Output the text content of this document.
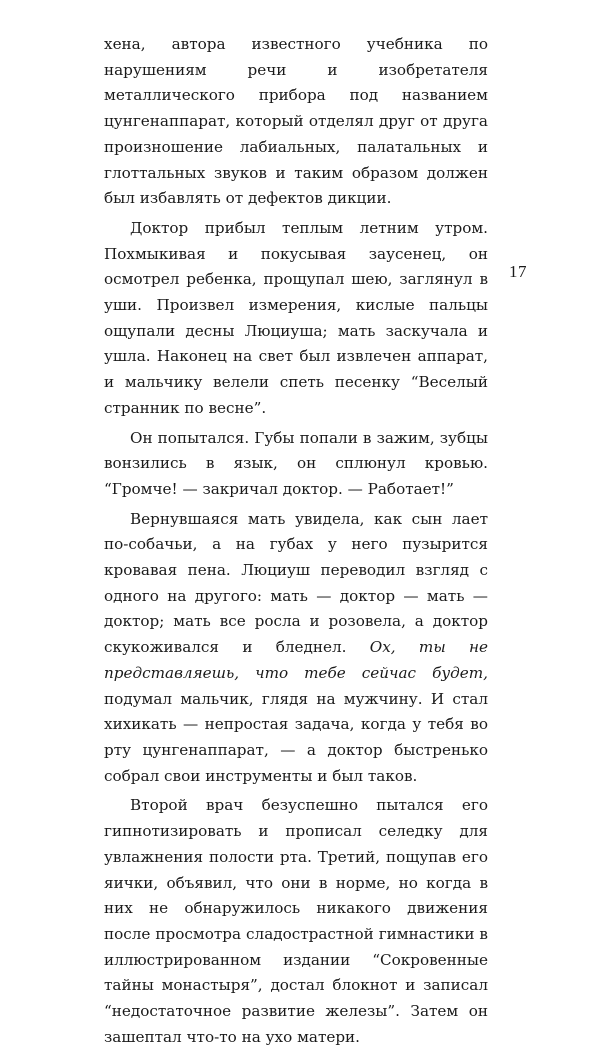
хена, автора известного учебника по нарушениям речи и изобретателя металлического прибора под названием цунгенаппарат, который отделял друг от друга произношение лабиальных, палатальных и глоттальных звуков и таким образом должен был избавлять от дефектов дикции.

Доктор прибыл теплым летним утром. Похмыкивая и покусывая заусенец, он осмотрел ребенка, прощупал шею, заглянул в уши. Произвел измерения, кислые пальцы ощупали десны Люциуша; мать заскучала и ушла. Наконец на свет был извлечен аппарат, и мальчику велели спеть песенку “Веселый странник по весне”.

Он попытался. Губы попали в зажим, зубцы вонзились в язык, он сплюнул кровью. “Громче! — закричал доктор. — Работает!”

Вернувшаяся мать увидела, как сын лает по-собачьи, а на губах у него пузырится кровавая пена. Люциуш переводил взгляд с одного на другого: мать — доктор — мать — доктор; мать все росла и розовела, а доктор скукоживался и бледнел. Ох, ты не представляешь, что тебе сейчас будет, подумал мальчик, глядя на мужчину. И стал хихикать — непростая задача, когда у тебя во рту цунгенаппарат, — а доктор быстренько собрал свои инструменты и был таков.

Второй врач безуспешно пытался его гипнотизировать и прописал селедку для увлажнения полости рта. Третий, пощупав его яички, объявил, что они в норме, но когда в них не обнаружилось никакого движения после просмотра сладострастной гимнастики в иллюстрированном издании “Сокровенные тайны монастыря”, достал блокнот и записал “недостаточное развитие железы”. Затем он зашептал что-то на ухо матери.

17
